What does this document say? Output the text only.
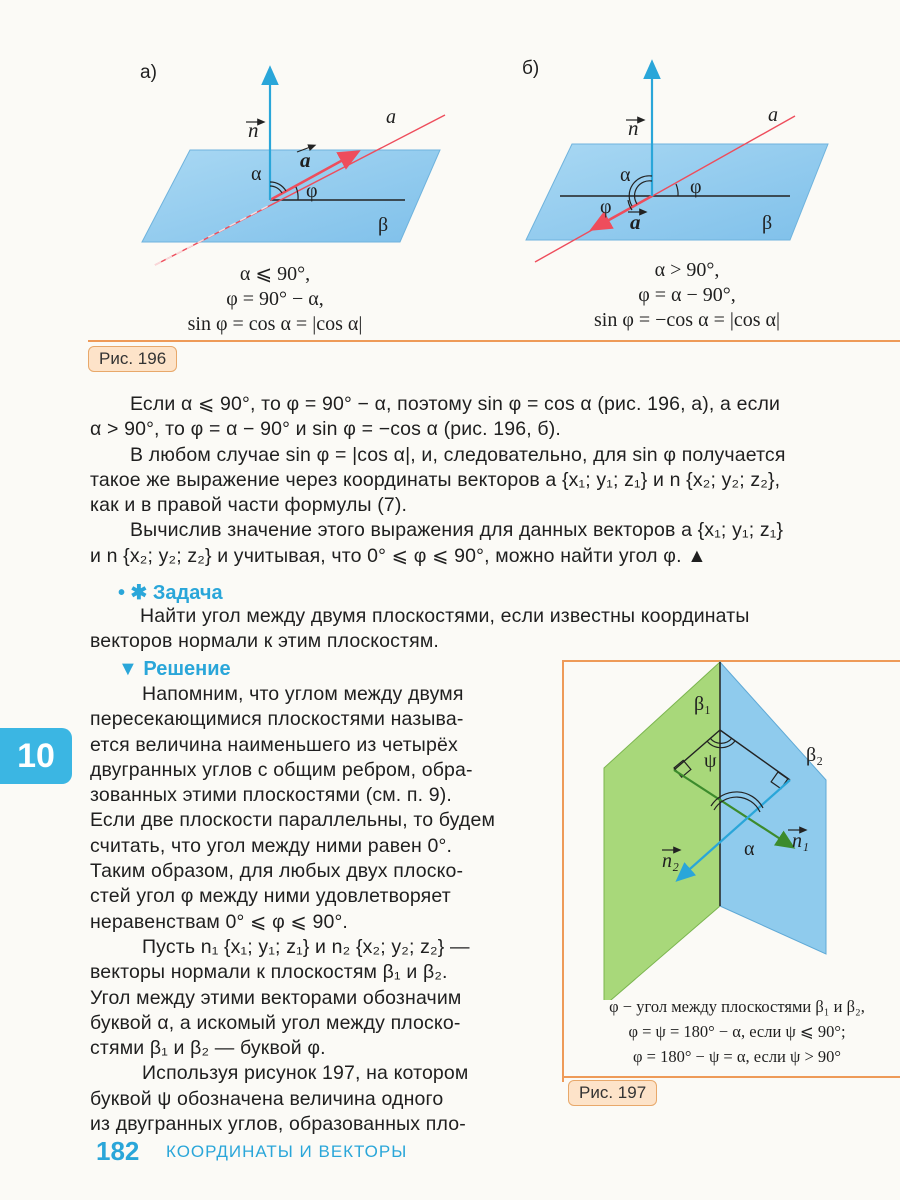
а)	б)
n
a
a
α
φ
β
n
a
a
α
φ
φ
β
α ⩽ 90°,
φ = 90° − α,
sin φ = cos α = |cos α|
α > 90°,
φ = α − 90°,
sin φ = −cos α = |cos α|
Рис. 196

Если α ⩽ 90°, то φ = 90° − α, поэтому sin φ = cos α (рис. 196, а), а если

α > 90°, то φ = α − 90° и sin φ = −cos α (рис. 196, б).

В любом случае sin φ = |cos α|, и, следовательно, для sin φ получается

такое же выражение через координаты векторов a {x₁; y₁; z₁} и n {x₂; y₂; z₂},

как и в правой части формулы (7).

Вычислив значение этого выражения для данных векторов a {x₁; y₁; z₁}

и n {x₂; y₂; z₂} и учитывая, что 0° ⩽ φ ⩽ 90°, можно найти угол φ. ▲

• ✱ Задача

Найти угол между двумя плоскостями, если известны координаты

векторов нормали к этим плоскостям.

▼ Решение

Напомним, что углом между двумя

пересекающимися плоскостями называ-

ется величина наименьшего из четырёх

двугранных углов с общим ребром, обра-

зованных этими плоскостями (см. п. 9).

Если две плоскости параллельны, то будем

считать, что угол между ними равен 0°.

Таким образом, для любых двух плоско-

стей угол φ между ними удовлетворяет

неравенствам 0° ⩽ φ ⩽ 90°.

Пусть n₁ {x₁; y₁; z₁} и n₂ {x₂; y₂; z₂} —

векторы нормали к плоскостям β₁ и β₂.

Угол между этими векторами обозначим

буквой α, а искомый угол между плоско-

стями β₁ и β₂ — буквой φ.

Используя рисунок 197, на котором

буквой ψ обозначена величина одного

из двугранных углов, образованных пло-

β₁
β₂
ψ
α n₁
n₂
φ − угол между плоскостями β₁ и β₂,
φ = ψ = 180° − α, если ψ ⩽ 90°;
φ = 180° − ψ = α, если ψ > 90°
Рис. 197
10
182 КООРДИНАТЫ И ВЕКТОРЫ
